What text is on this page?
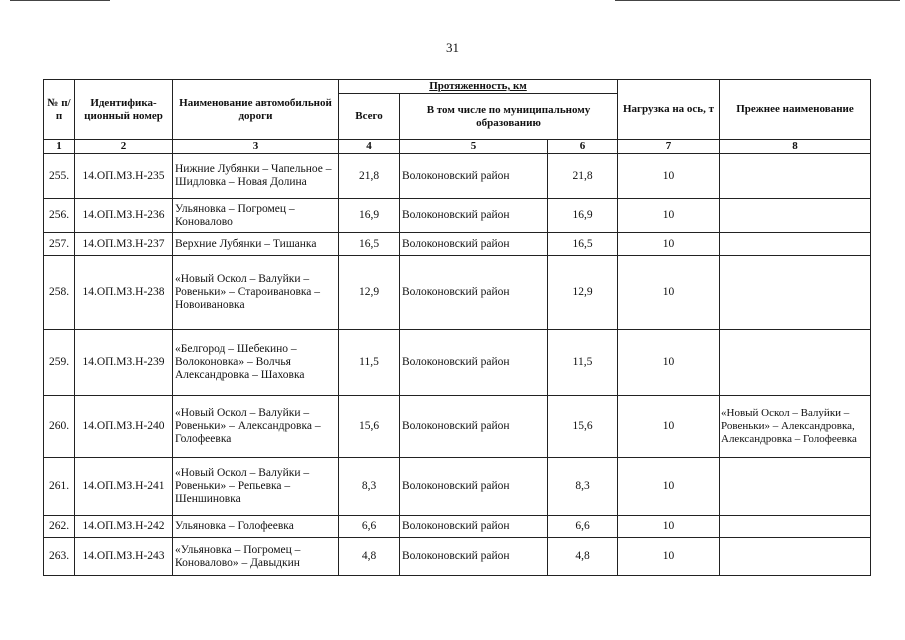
31
№ п/п	Идентифика-ционный номер	Наименование автомобильной дороги	Протяженность, км			Нагрузка на ось, т	Прежнее наименование
			Всего	В том числе по муниципальному образованию			
1	2	3	4	5	6	7	8
255.	14.ОП.МЗ.Н-235	Нижние Лубянки – Чапельное – Шидловка – Новая Долина	21,8	Волоконовский район	21,8	10	
256.	14.ОП.МЗ.Н-236	Ульяновка – Погромец – Коновалово	16,9	Волоконовский район	16,9	10	
257.	14.ОП.МЗ.Н-237	Верхние Лубянки – Тишанка	16,5	Волоконовский район	16,5	10	
258.	14.ОП.МЗ.Н-238	«Новый Оскол – Валуйки – Ровеньки» – Староивановка – Новоивановка	12,9	Волоконовский район	12,9	10	
259.	14.ОП.МЗ.Н-239	«Белгород – Шебекино – Волоконовка» – Волчья Александровка – Шаховка	11,5	Волоконовский район	11,5	10	
260.	14.ОП.МЗ.Н-240	«Новый Оскол – Валуйки – Ровеньки» – Александровка – Голофеевка	15,6	Волоконовский район	15,6	10	«Новый Оскол – Валуйки – Ровеньки» – Александровка, Александровка – Голофеевка
261.	14.ОП.МЗ.Н-241	«Новый Оскол – Валуйки – Ровеньки» – Репьевка – Шеншиновка	8,3	Волоконовский район	8,3	10	
262.	14.ОП.МЗ.Н-242	Ульяновка – Голофеевка	6,6	Волоконовский район	6,6	10	
263.	14.ОП.МЗ.Н-243	«Ульяновка – Погромец – Коновалово» – Давыдкин	4,8	Волоконовский район	4,8	10	
